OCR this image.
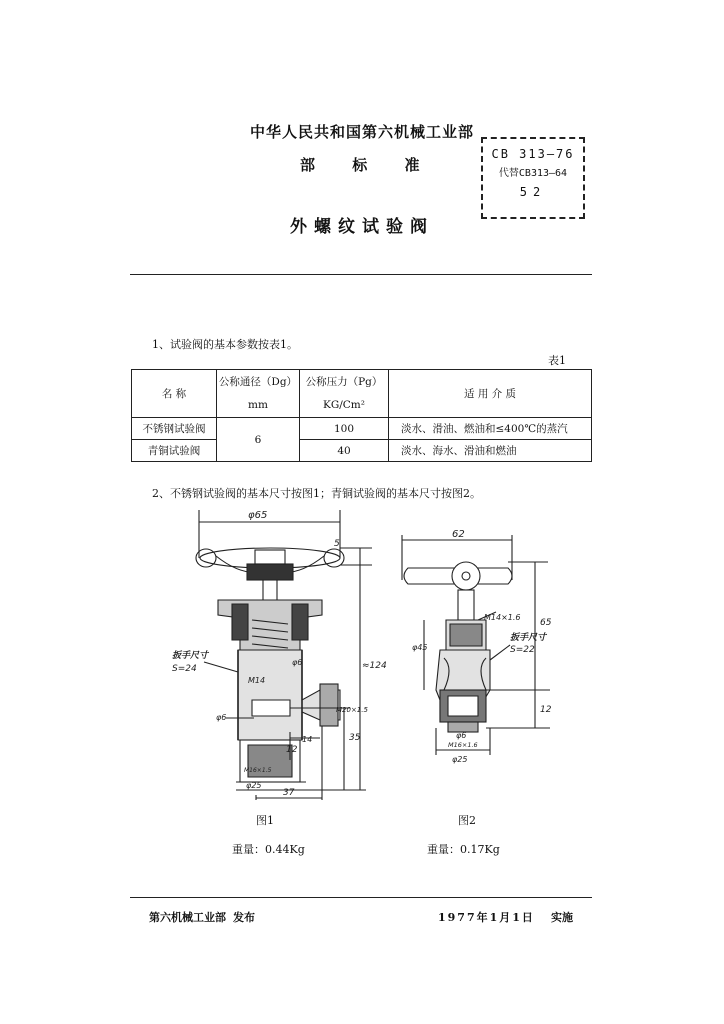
中华人民共和国第六机械工业部
部 标 准
CB 313—76
代替CB313—64
52
外螺纹试验阀
1、试验阀的基本参数按表1。
表1
名 称	公称通径（Dg）	公称压力（Pg）	适 用 介 质
	mm	KG/Cm²	
不锈钢试验阀	6	100	淡水、滑油、燃油和≤400℃的蒸汽
青铜试验阀		40	淡水、海水、滑油和燃油
2、不锈钢试验阀的基本尺寸按图1；青铜试验阀的基本尺寸按图2。
φ65
5
扳手尺寸
S=24
M14
φ6
φ6
M20×1.5
35
12
14
≈124
M16×1.5
φ25
37
62
M14×1.6
65
扳手尺寸
S=22
φ45
12
φ6
M16×1.6
φ25
图1	图2
重量：0.44Kg	重量：0.17Kg
第六机械工业部 发布	1977年1月1日 实施
